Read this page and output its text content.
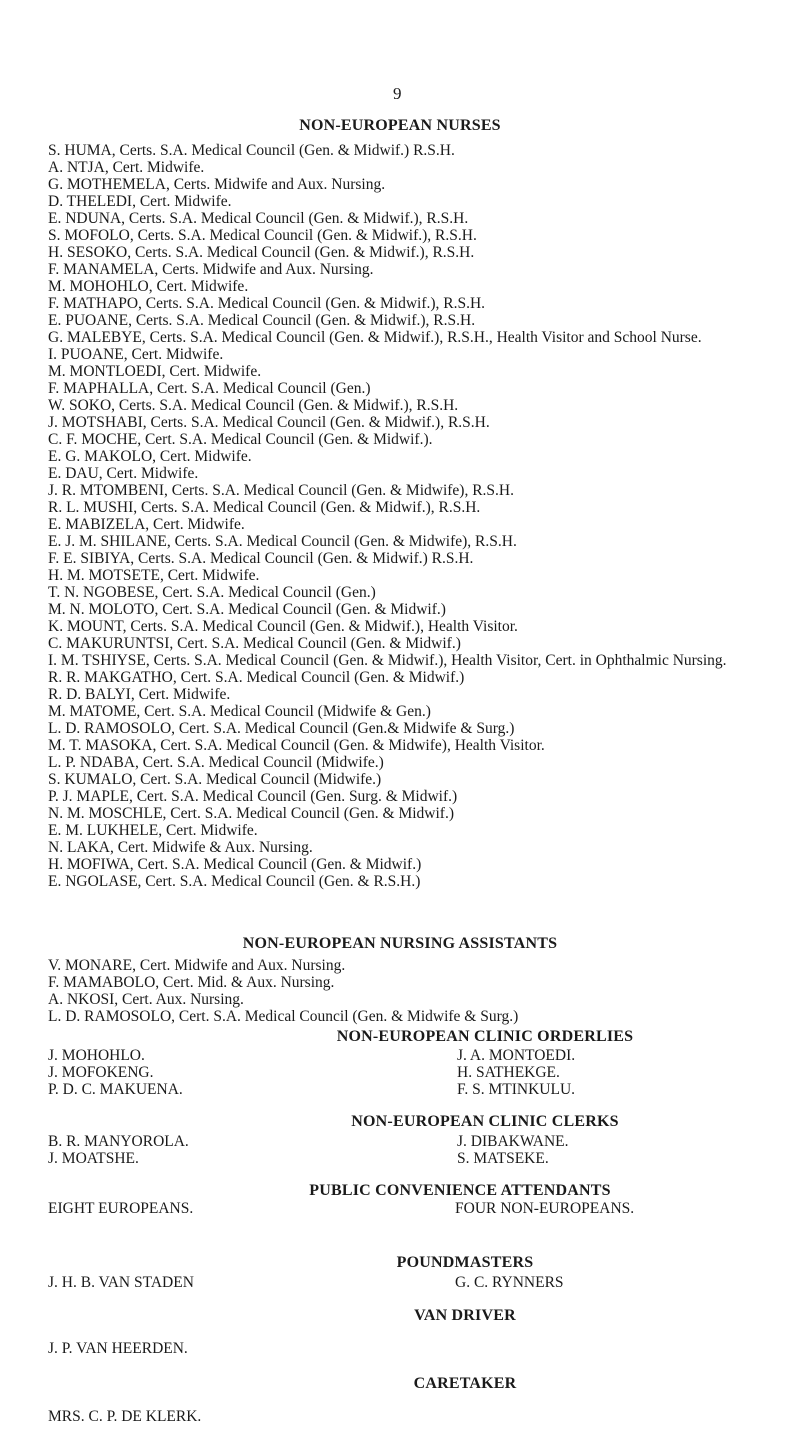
9
NON-EUROPEAN NURSES
S. HUMA, Certs. S.A. Medical Council (Gen. & Midwif.) R.S.H.
A. NTJA, Cert. Midwife.
G. MOTHEMELA, Certs. Midwife and Aux. Nursing.
D. THELEDI, Cert. Midwife.
E. NDUNA, Certs. S.A. Medical Council (Gen. & Midwif.), R.S.H.
S. MOFOLO, Certs. S.A. Medical Council (Gen. & Midwif.), R.S.H.
H. SESOKO, Certs. S.A. Medical Council (Gen. & Midwif.), R.S.H.
F. MANAMELA, Certs. Midwife and Aux. Nursing.
M. MOHOHLO, Cert. Midwife.
F. MATHAPO, Certs. S.A. Medical Council (Gen. & Midwif.), R.S.H.
E. PUOANE, Certs. S.A. Medical Council (Gen. & Midwif.), R.S.H.
G. MALEBYE, Certs. S.A. Medical Council (Gen. & Midwif.), R.S.H., Health Visitor and School Nurse.
I. PUOANE, Cert. Midwife.
M. MONTLOEDI, Cert. Midwife.
F. MAPHALLA, Cert. S.A. Medical Council (Gen.)
W. SOKO, Certs. S.A. Medical Council (Gen. & Midwif.), R.S.H.
J. MOTSHABI, Certs. S.A. Medical Council (Gen. & Midwif.), R.S.H.
C. F. MOCHE, Cert. S.A. Medical Council (Gen. & Midwif.).
E. G. MAKOLO, Cert. Midwife.
E. DAU, Cert. Midwife.
J. R. MTOMBENI, Certs. S.A. Medical Council (Gen. & Midwife), R.S.H.
R. L. MUSHI, Certs. S.A. Medical Council (Gen. & Midwif.), R.S.H.
E. MABIZELA, Cert. Midwife.
E. J. M. SHILANE, Certs. S.A. Medical Council (Gen. & Midwife), R.S.H.
F. E. SIBIYA, Certs. S.A. Medical Council (Gen. & Midwif.) R.S.H.
H. M. MOTSETE, Cert. Midwife.
T. N. NGOBESE, Cert. S.A. Medical Council (Gen.)
M. N. MOLOTO, Cert. S.A. Medical Council (Gen. & Midwif.)
K. MOUNT, Certs. S.A. Medical Council (Gen. & Midwif.), Health Visitor.
C. MAKURUNTSI, Cert. S.A. Medical Council (Gen. & Midwif.)
I. M. TSHIYSE, Certs. S.A. Medical Council (Gen. & Midwif.), Health Visitor, Cert. in Ophthalmic Nursing.
R. R. MAKGATHO, Cert. S.A. Medical Council (Gen. & Midwif.)
R. D. BALYI, Cert. Midwife.
M. MATOME, Cert. S.A. Medical Council (Midwife & Gen.)
L. D. RAMOSOLO, Cert. S.A. Medical Council (Gen.& Midwife & Surg.)
M. T. MASOKA, Cert. S.A. Medical Council (Gen. & Midwife), Health Visitor.
L. P. NDABA, Cert. S.A. Medical Council (Midwife.)
S. KUMALO, Cert. S.A. Medical Council (Midwife.)
P. J. MAPLE, Cert. S.A. Medical Council (Gen. Surg. & Midwif.)
N. M. MOSCHLE, Cert. S.A. Medical Council (Gen. & Midwif.)
E. M. LUKHELE, Cert. Midwife.
N. LAKA, Cert. Midwife & Aux. Nursing.
H. MOFIWA, Cert. S.A. Medical Council (Gen. & Midwif.)
E. NGOLASE, Cert. S.A. Medical Council (Gen. & R.S.H.)
NON-EUROPEAN NURSING ASSISTANTS
V. MONARE, Cert. Midwife and Aux. Nursing.
F. MAMABOLO, Cert. Mid. & Aux. Nursing.
A. NKOSI, Cert. Aux. Nursing.
L. D. RAMOSOLO, Cert. S.A. Medical Council (Gen. & Midwife & Surg.)
NON-EUROPEAN CLINIC ORDERLIES
J. MOHOHLO.
J. MOFOKENG.
P. D. C. MAKUENA.
J. A. MONTOEDI.
H. SATHEKGE.
F. S. MTINKULU.
NON-EUROPEAN CLINIC CLERKS
B. R. MANYOROLA.
J. MOATSHE.
J. DIBAKWANE.
S. MATSEKE.
PUBLIC CONVENIENCE ATTENDANTS
EIGHT EUROPEANS.	FOUR NON-EUROPEANS.
POUNDMASTERS
J. H. B. VAN STADEN	G. C. RYNNERS
VAN DRIVER
J. P. VAN HEERDEN.
CARETAKER
MRS. C. P. DE KLERK.
